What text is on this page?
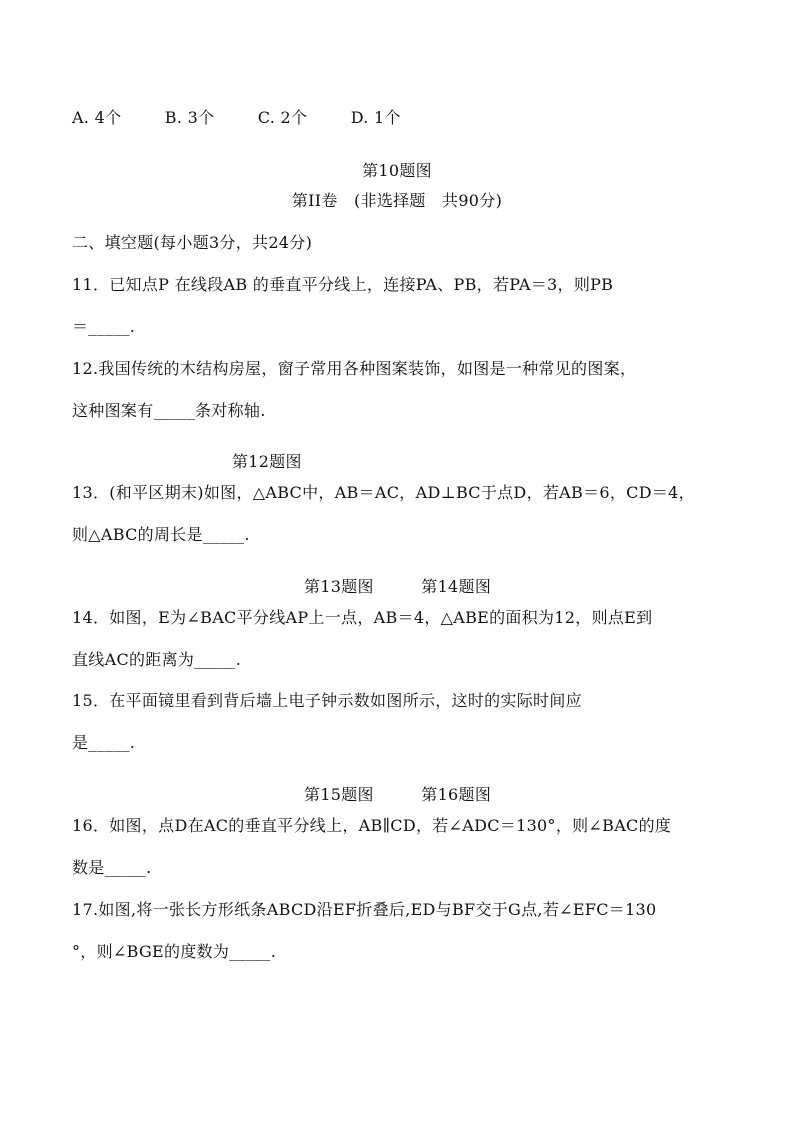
A. 4个	B. 3个	C. 2个	D. 1个
第10题图
第II卷　(非选择题　共90分)
二、填空题(每小题3分，共24分)
11．已知点P 在线段AB 的垂直平分线上，连接PA、PB，若PA＝3，则PB
＝_____.
12.我国传统的木结构房屋，窗子常用各种图案装饰，如图是一种常见的图案，
这种图案有_____条对称轴.
第12题图
13．(和平区期末)如图，△ABC中，AB＝AC，AD⊥BC于点D，若AB＝6，CD＝4，
则△ABC的周长是_____.
第13题图	第14题图
14．如图，E为∠BAC平分线AP上一点，AB＝4，△ABE的面积为12，则点E到
直线AC的距离为_____.
15．在平面镜里看到背后墙上电子钟示数如图所示，这时的实际时间应
是_____.
第15题图	第16题图
16．如图，点D在AC的垂直平分线上，AB∥CD，若∠ADC＝130°，则∠BAC的度
数是_____.
17.如图,将一张长方形纸条ABCD沿EF折叠后,ED与BF交于G点,若∠EFC＝130
°，则∠BGE的度数为_____.
